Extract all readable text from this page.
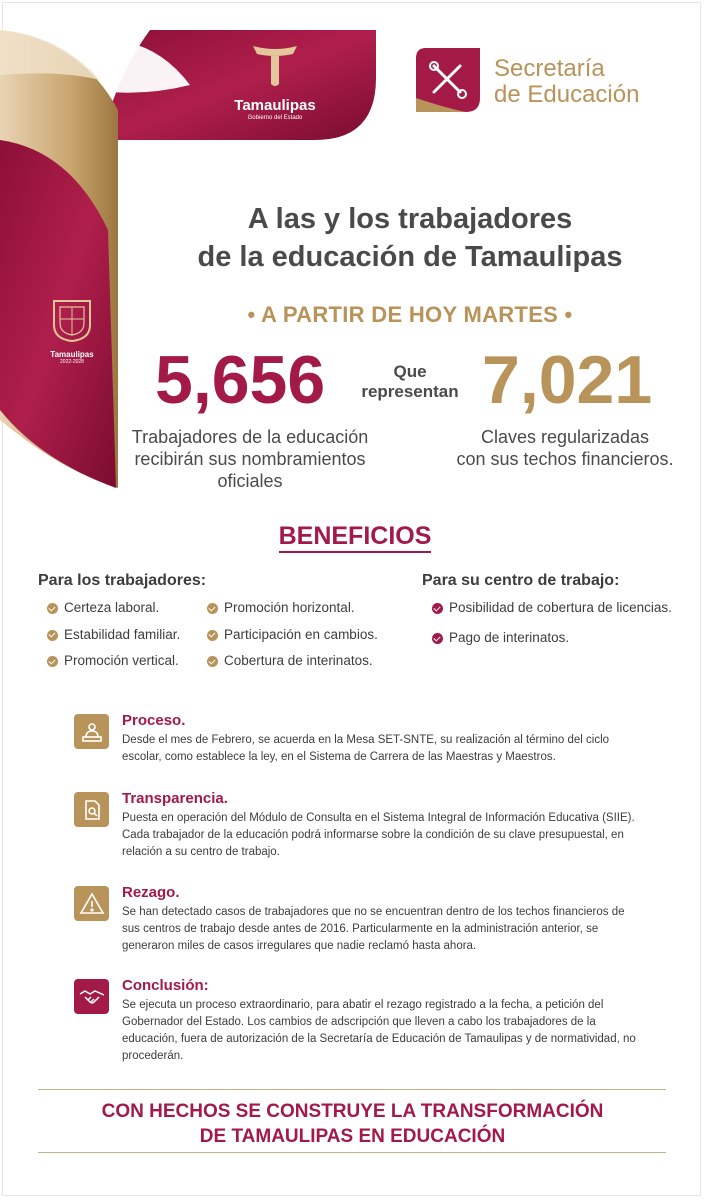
Tamaulipas
Gobierno del Estado
Tamaulipas
2022-2028
Secretaría
de Educación
A las y los trabajadores
de la educación de Tamaulipas
• A PARTIR DE HOY MARTES •
5,656	Que
representan 7,021
Trabajadores de la educación
recibirán sus nombramientos
oficiales
Claves regularizadas
con sus techos financieros.
BENEFICIOS
Para los trabajadores:	Para su centro de trabajo:
Certeza laboral.
Estabilidad familiar.
Promoción vertical.
Promoción horizontal.
Participación en cambios.
Cobertura de interinatos.
Posibilidad de cobertura de licencias.
Pago de interinatos.
Proceso.
Desde el mes de Febrero, se acuerda en la Mesa SET-SNTE, su realización al término del ciclo escolar, como establece la ley, en el Sistema de Carrera de las Maestras y Maestros.
Transparencia.
Puesta en operación del Módulo de Consulta en el Sistema Integral de Información Educativa (SIIE). Cada trabajador de la educación podrá informarse sobre la condición de su clave presupuestal, en relación a su centro de trabajo.
Rezago.
Se han detectado casos de trabajadores que no se encuentran dentro de los techos financieros de sus centros de trabajo desde antes de 2016. Particularmente en la administración anterior, se generaron miles de casos irregulares que nadie reclamó hasta ahora.
Conclusión:
Se ejecuta un proceso extraordinario, para abatir el rezago registrado a la fecha, a petición del Gobernador del Estado. Los cambios de adscripción que lleven a cabo los trabajadores de la educación, fuera de autorización de la Secretaría de Educación de Tamaulipas y de normatividad, no procederán.
CON HECHOS SE CONSTRUYE LA TRANSFORMACIÓN
DE TAMAULIPAS EN EDUCACIÓN
